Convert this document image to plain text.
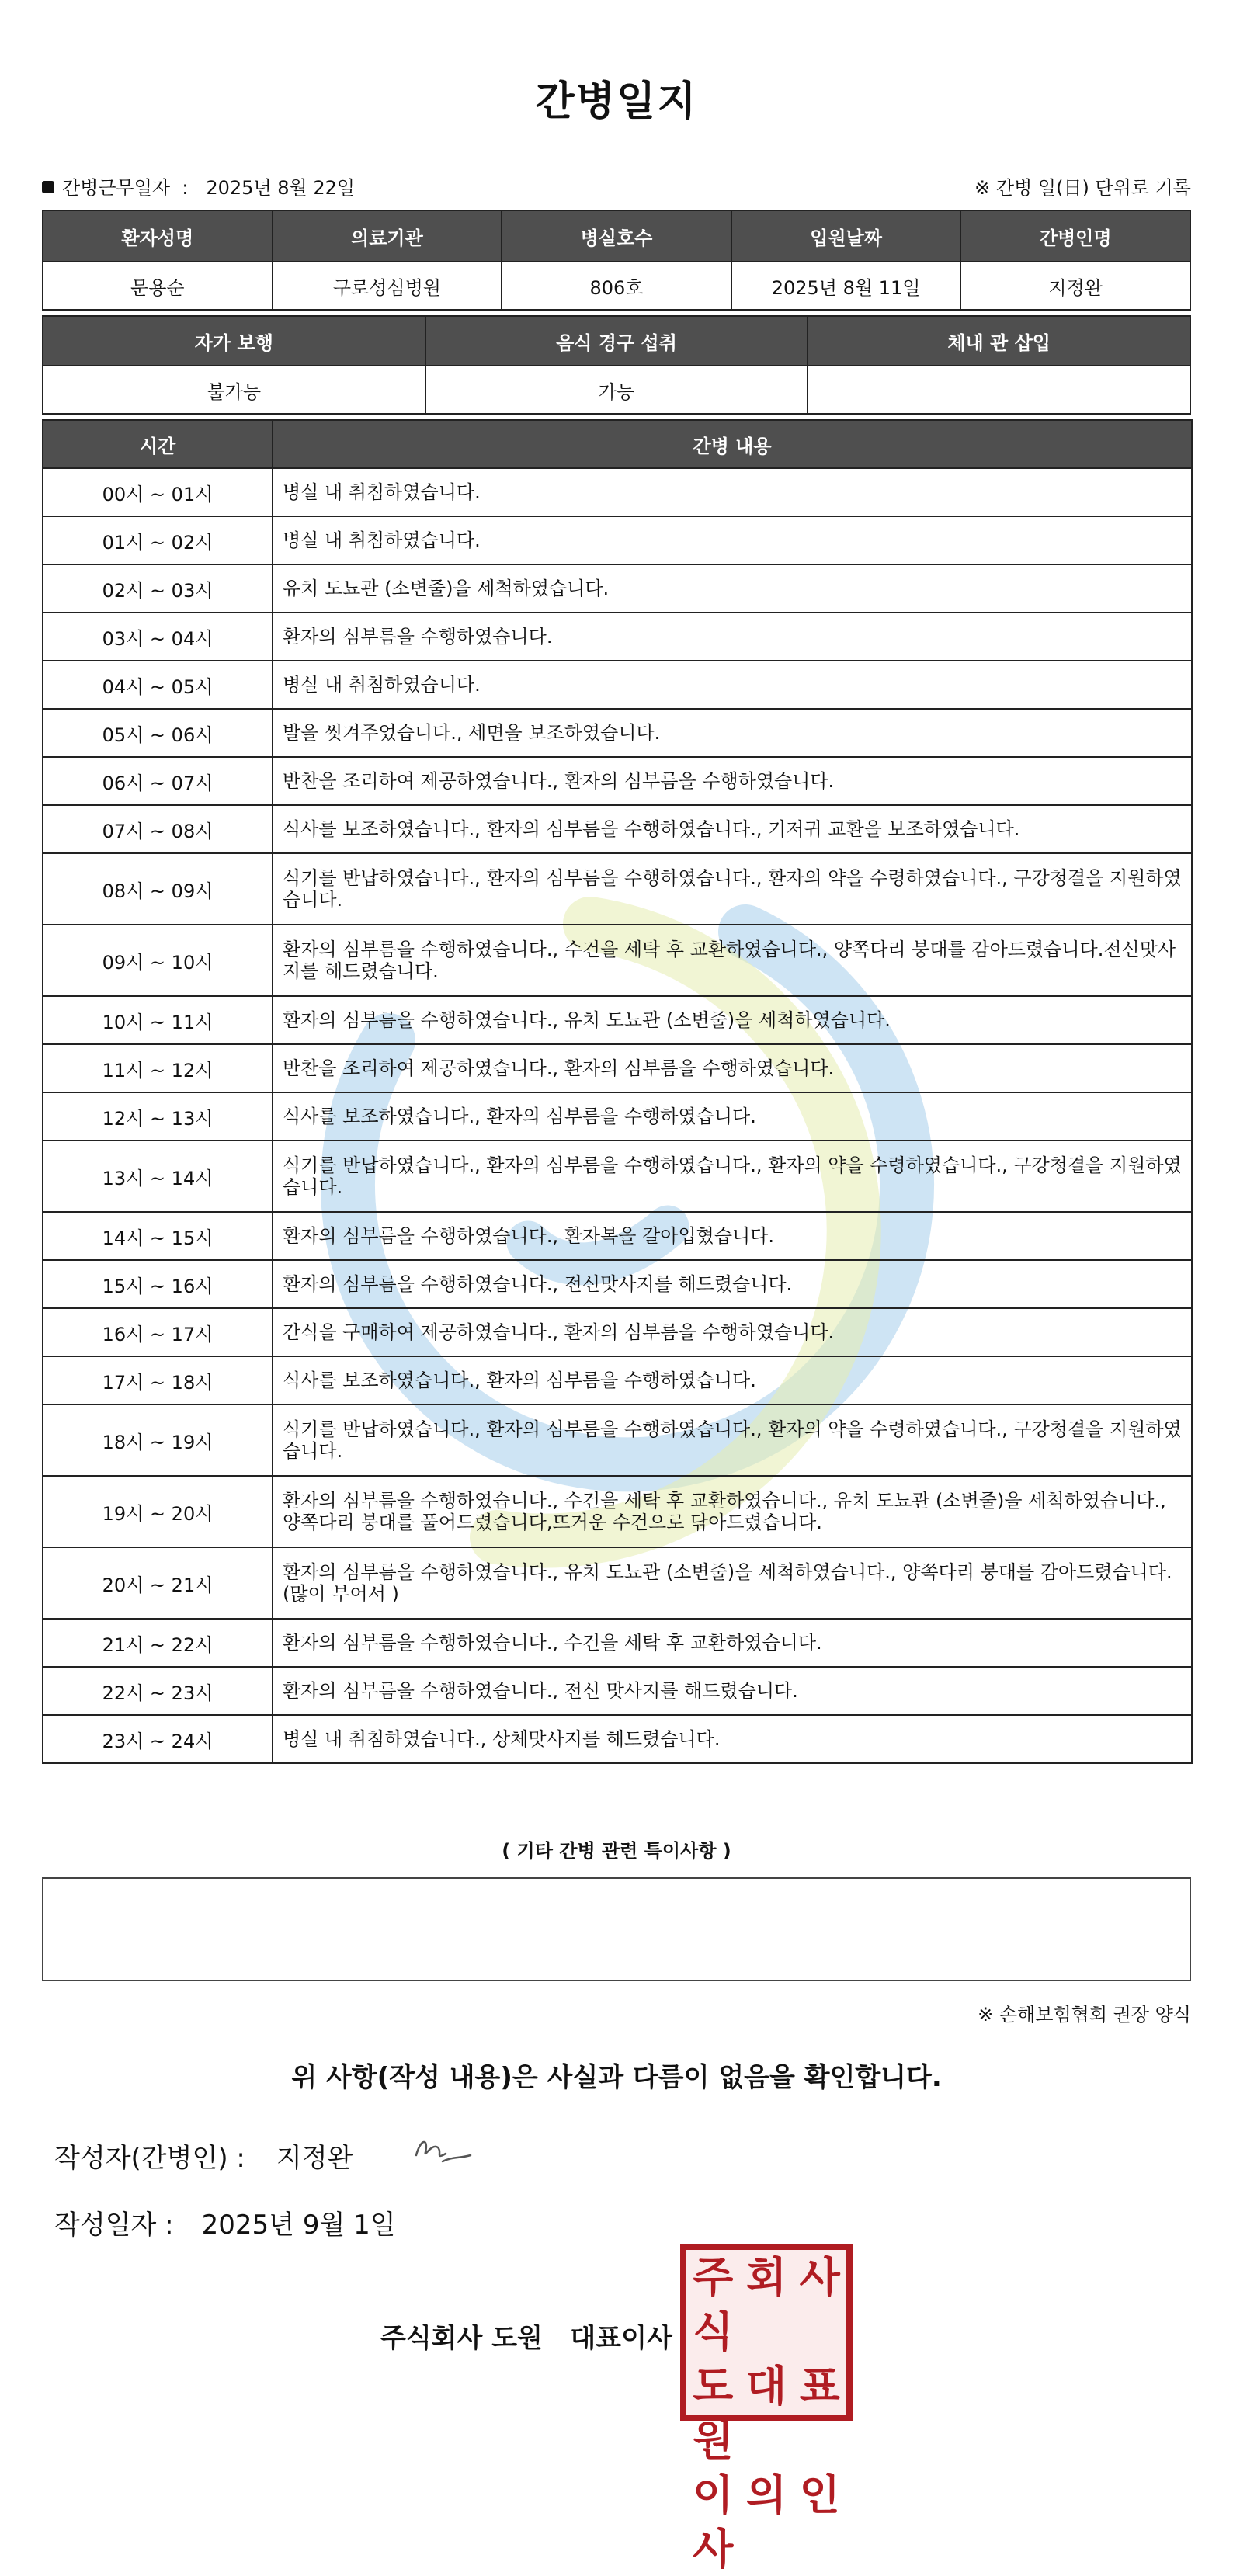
간병일지
간병근무일자 : 2025년 8월 22일	※ 간병 일(日) 단위로 기록
환자성명	의료기관	병실호수	입원날짜	간병인명
문용순	구로성심병원	806호	2025년 8월 11일	지정완
자가 보행	음식 경구 섭취	체내 관 삽입
불가능	가능	
시간	간병 내용
00시 ~ 01시	병실 내 취침하였습니다.
01시 ~ 02시	병실 내 취침하였습니다.
02시 ~ 03시	유치 도뇨관 (소변줄)을 세척하였습니다.
03시 ~ 04시	환자의 심부름을 수행하였습니다.
04시 ~ 05시	병실 내 취침하였습니다.
05시 ~ 06시	발을 씻겨주었습니다., 세면을 보조하였습니다.
06시 ~ 07시	반찬을 조리하여 제공하였습니다., 환자의 심부름을 수행하였습니다.
07시 ~ 08시	식사를 보조하였습니다., 환자의 심부름을 수행하였습니다., 기저귀 교환을 보조하였습니다.
08시 ~ 09시	식기를 반납하였습니다., 환자의 심부름을 수행하였습니다., 환자의 약을 수령하였습니다., 구강청결을 지원하였습니다.
09시 ~ 10시	환자의 심부름을 수행하였습니다., 수건을 세탁 후 교환하였습니다., 양쪽다리 붕대를 감아드렸습니다.전신맛사지를 해드렸습니다.
10시 ~ 11시	환자의 심부름을 수행하였습니다., 유치 도뇨관 (소변줄)을 세척하였습니다.
11시 ~ 12시	반찬을 조리하여 제공하였습니다., 환자의 심부름을 수행하였습니다.
12시 ~ 13시	식사를 보조하였습니다., 환자의 심부름을 수행하였습니다.
13시 ~ 14시	식기를 반납하였습니다., 환자의 심부름을 수행하였습니다., 환자의 약을 수령하였습니다., 구강청결을 지원하였습니다.
14시 ~ 15시	환자의 심부름을 수행하였습니다., 환자복을 갈아입혔습니다.
15시 ~ 16시	환자의 심부름을 수행하였습니다., 전신맛사지를 해드렸습니다.
16시 ~ 17시	간식을 구매하여 제공하였습니다., 환자의 심부름을 수행하였습니다.
17시 ~ 18시	식사를 보조하였습니다., 환자의 심부름을 수행하였습니다.
18시 ~ 19시	식기를 반납하였습니다., 환자의 심부름을 수행하였습니다., 환자의 약을 수령하였습니다., 구강청결을 지원하였습니다.
19시 ~ 20시	환자의 심부름을 수행하였습니다., 수건을 세탁 후 교환하였습니다., 유치 도뇨관 (소변줄)을 세척하였습니다., 양쪽다리 붕대를 풀어드렸습니다,뜨거운 수건으로 닦아드렸습니다.
20시 ~ 21시	환자의 심부름을 수행하였습니다., 유치 도뇨관 (소변줄)을 세척하였습니다., 양쪽다리 붕대를 감아드렸습니다.(많이 부어서 )
21시 ~ 22시	환자의 심부름을 수행하였습니다., 수건을 세탁 후 교환하였습니다.
22시 ~ 23시	환자의 심부름을 수행하였습니다., 전신 맛사지를 해드렸습니다.
23시 ~ 24시	병실 내 취침하였습니다., 상체맛사지를 해드렸습니다.
( 기타 간병 관련 특이사항 )
※ 손해보험협회 권장 양식
위 사항(작성 내용)은 사실과 다름이 없음을 확인합니다.
작성자(간병인) : 지정완
작성일자 : 2025년 9월 1일
주식회사 도원   대표이사
주식
회 사
도원
대 표
이사
의 인
